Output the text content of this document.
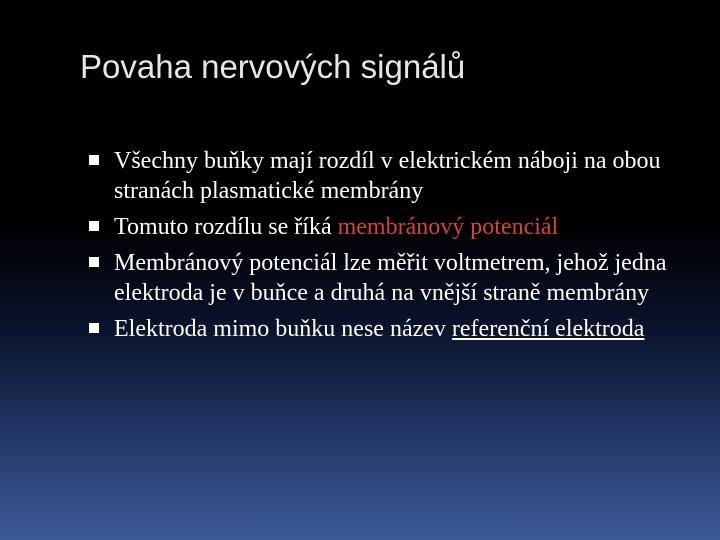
Povaha nervových signálů
Všechny buňky mají rozdíl v elektrickém náboji na obou stranách plasmatické membrány
Tomuto rozdílu se říká membránový potenciál
Membránový potenciál lze měřit voltmetrem, jehož jedna elektroda je v buňce a druhá na vnější straně membrány
Elektroda mimo buňku nese název referenční elektroda
